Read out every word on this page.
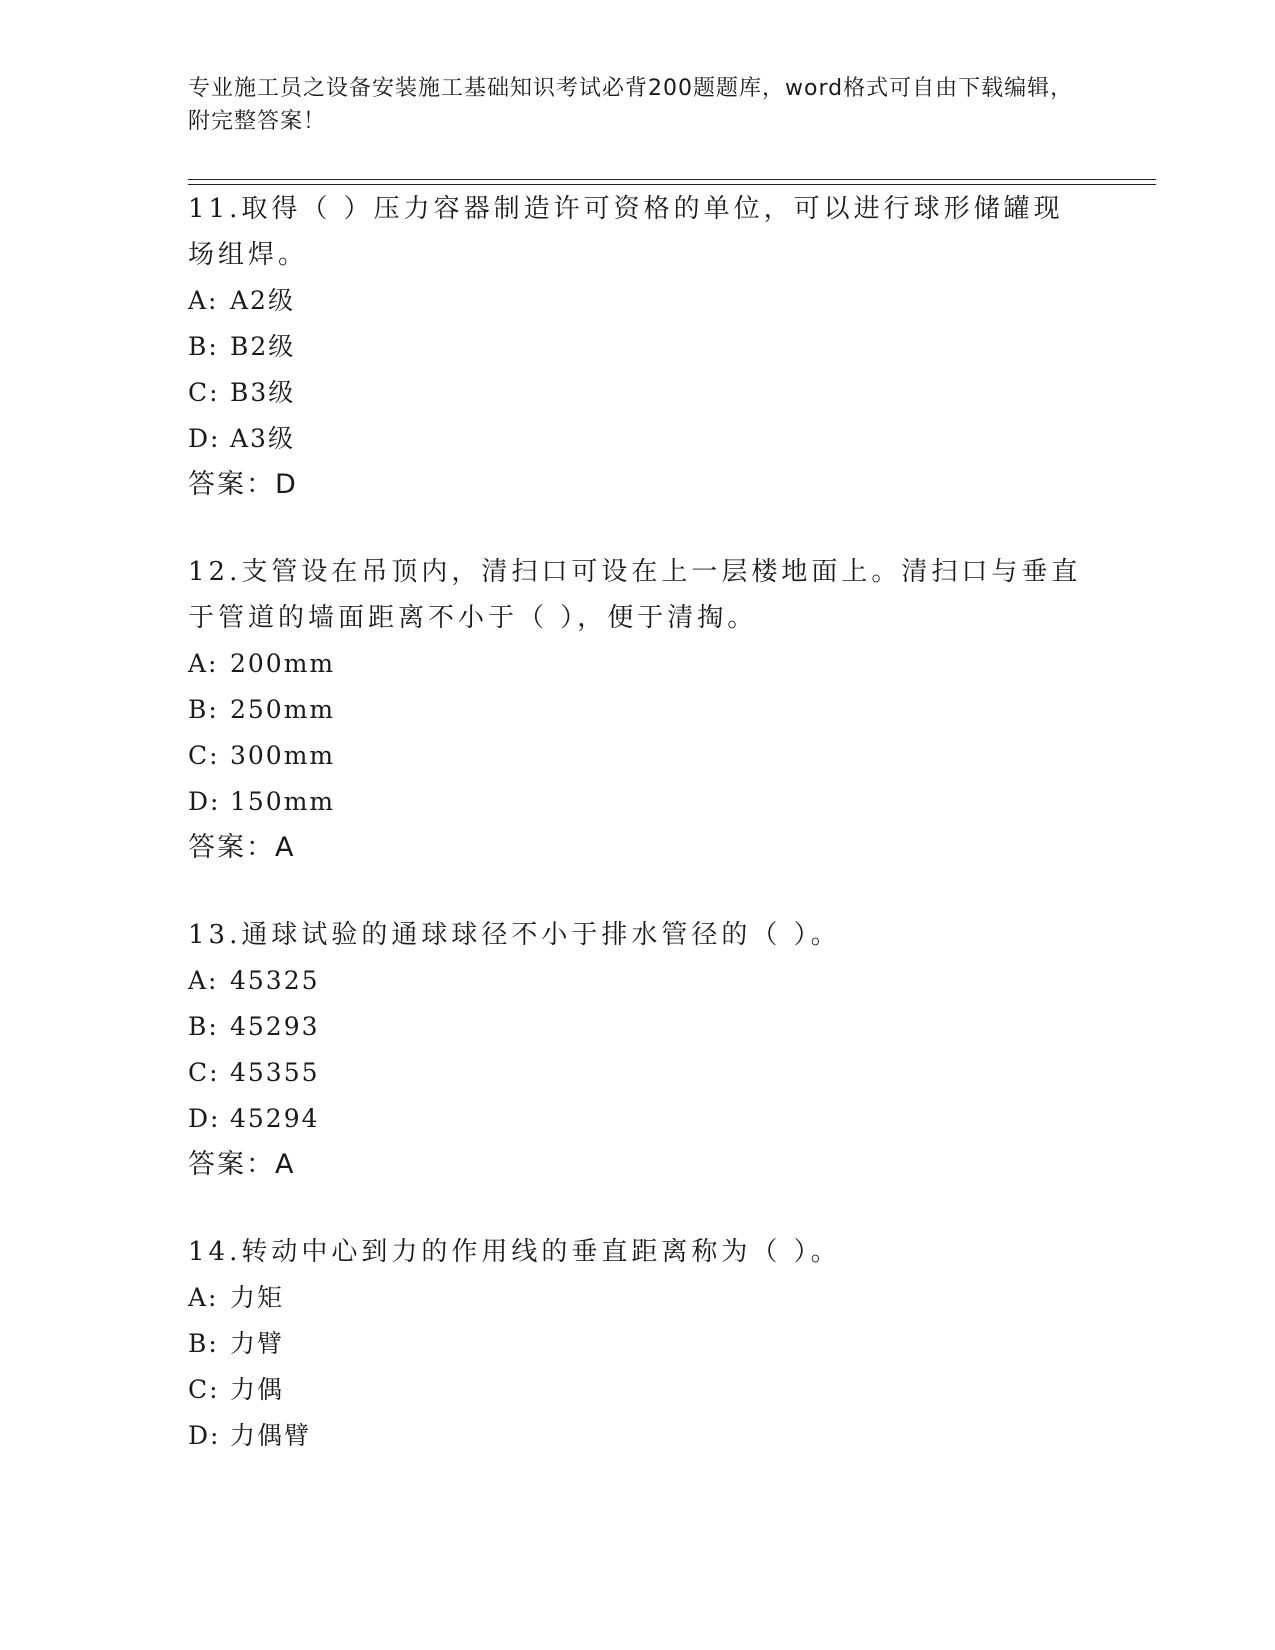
专业施工员之设备安装施工基础知识考试必背200题题库，word格式可自由下载编辑，附完整答案！

11.取得（ ）压力容器制造许可资格的单位，可以进行球形储罐现场组焊。

A: A2级

B: B2级

C: B3级

D: A3级

答案：D

12.支管设在吊顶内，清扫口可设在上一层楼地面上。清扫口与垂直于管道的墙面距离不小于（ ），便于清掏。

A: 200mm

B: 250mm

C: 300mm

D: 150mm

答案：A

13.通球试验的通球球径不小于排水管径的（ ）。

A: 45325

B: 45293

C: 45355

D: 45294

答案：A

14.转动中心到力的作用线的垂直距离称为（ ）。

A: 力矩

B: 力臂

C: 力偶

D: 力偶臂
